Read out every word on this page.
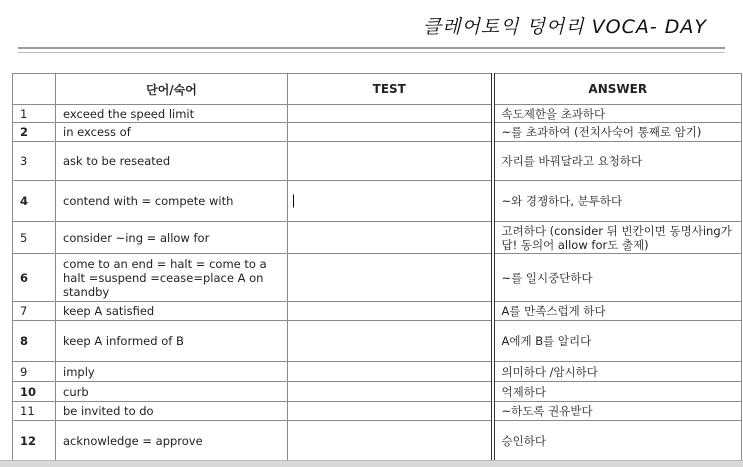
클레어토익 덩어리 VOCA- DAY
	단어/숙어	TEST	ANSWER
1	exceed the speed limit		속도제한을 초과하다
2	in excess of		~를 초과하여 (전치사숙어 통째로 암기)
3	ask to be reseated		자리를 바꿔달라고 요청하다
4	contend with = compete with		~와 경쟁하다, 분투하다
5	consider ~ing = allow for		고려하다 (consider 뒤 빈칸이면 동명사ing가 답! 동의어 allow for도 출제)
6	come to an end = halt = come to a halt =suspend =cease=place A on standby		~를 일시중단하다
7	keep A satisfied		A를 만족스럽게 하다
8	keep A informed of B		A에게 B를 알리다
9	imply		의미하다 /암시하다
10	curb		억제하다
11	be invited to do		~하도록 권유받다
12	acknowledge = approve		승인하다
